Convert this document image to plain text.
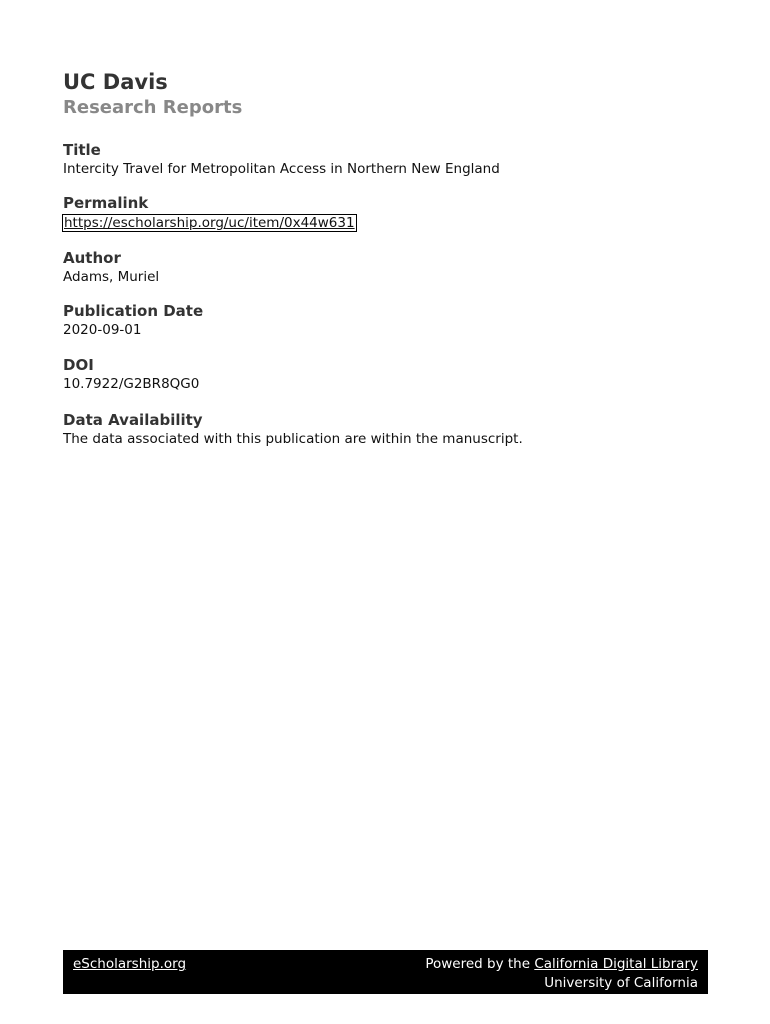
UC Davis
Research Reports

Title

Intercity Travel for Metropolitan Access in Northern New England

Permalink

https://escholarship.org/uc/item/0x44w631

Author

Adams, Muriel

Publication Date

2020-09-01

DOI

10.7922/G2BR8QG0

Data Availability

The data associated with this publication are within the manuscript.

eScholarship.org	Powered by the California Digital Library
University of California
